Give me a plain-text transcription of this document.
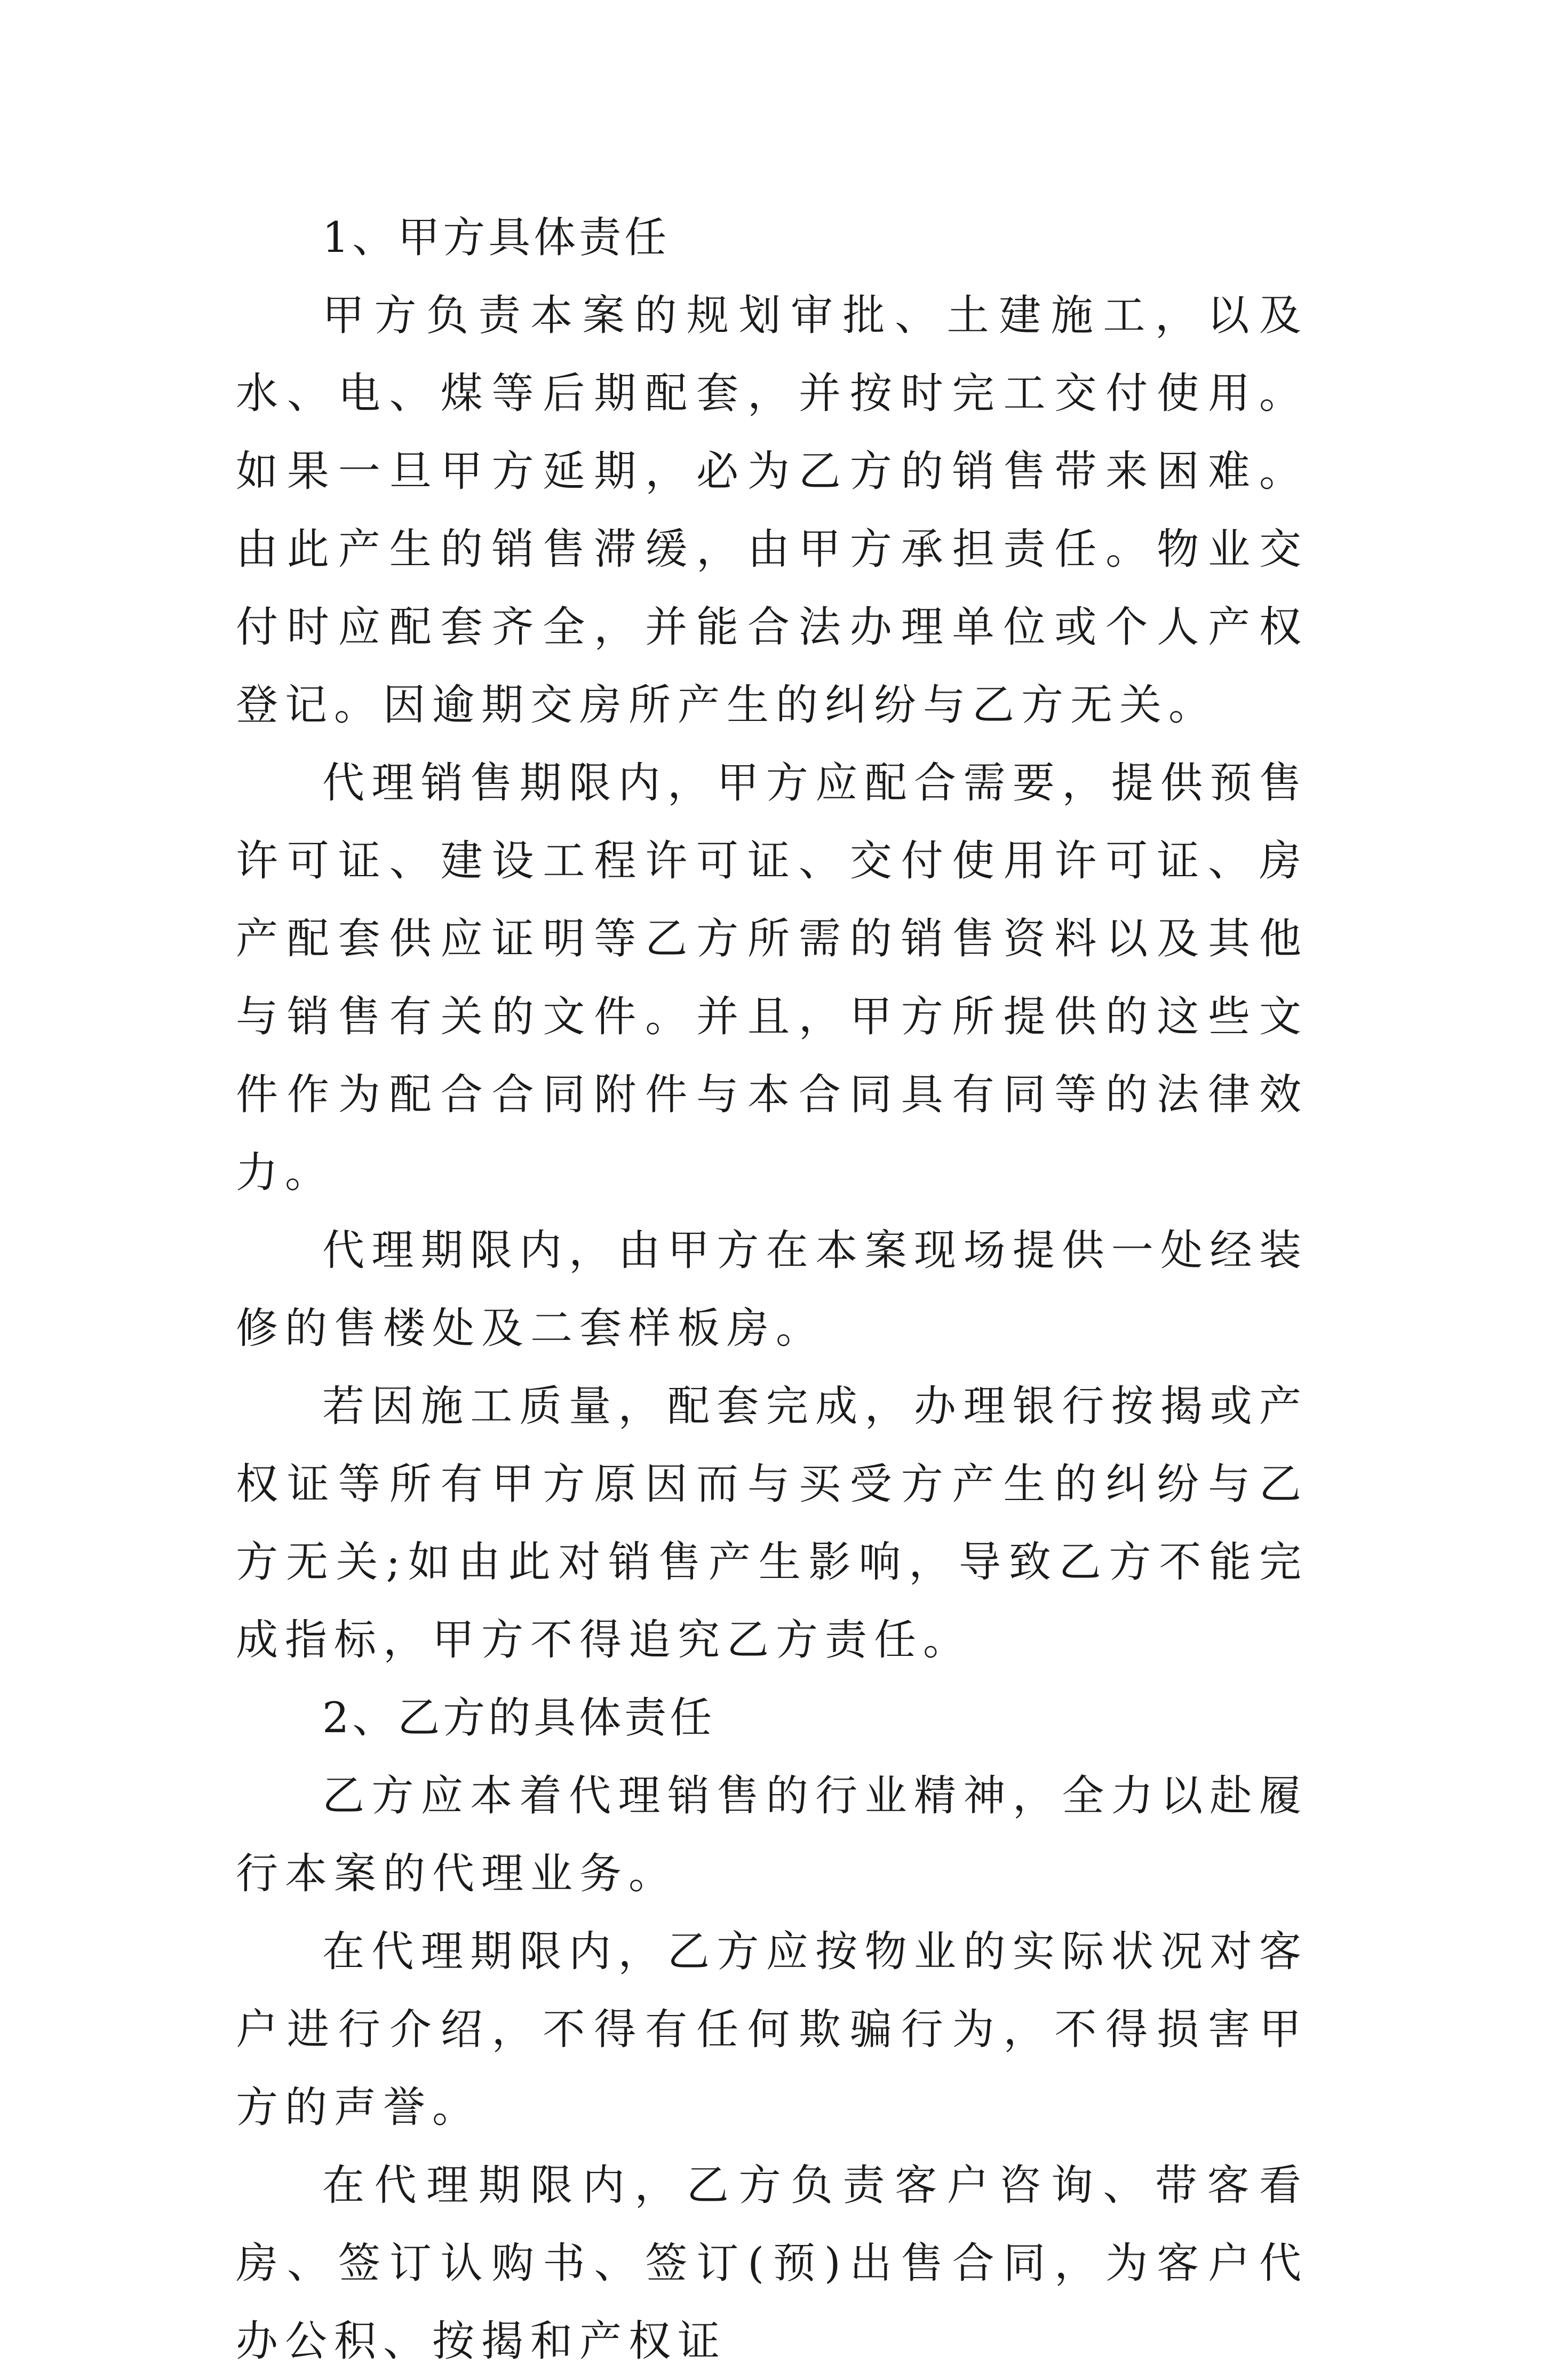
1、甲方具体责任

甲方负责本案的规划审批、土建施工，以及水、电、煤等后期配套，并按时完工交付使用。如果一旦甲方延期，必为乙方的销售带来困难。由此产生的销售滞缓，由甲方承担责任。物业交付时应配套齐全，并能合法办理单位或个人产权登记。因逾期交房所产生的纠纷与乙方无关。

代理销售期限内，甲方应配合需要，提供预售许可证、建设工程许可证、交付使用许可证、房产配套供应证明等乙方所需的销售资料以及其他与销售有关的文件。并且，甲方所提供的这些文件作为配合合同附件与本合同具有同等的法律效力。

代理期限内，由甲方在本案现场提供一处经装修的售楼处及二套样板房。

若因施工质量，配套完成，办理银行按揭或产权证等所有甲方原因而与买受方产生的纠纷与乙方无关;如由此对销售产生影响，导致乙方不能完成指标，甲方不得追究乙方责任。

2、乙方的具体责任

乙方应本着代理销售的行业精神，全力以赴履行本案的代理业务。

在代理期限内，乙方应按物业的实际状况对客户进行介绍，不得有任何欺骗行为，不得损害甲方的声誉。

在代理期限内，乙方负责客户咨询、带客看房、签订认购书、签订(预)出售合同，为客户代办公积、按揭和产权证
